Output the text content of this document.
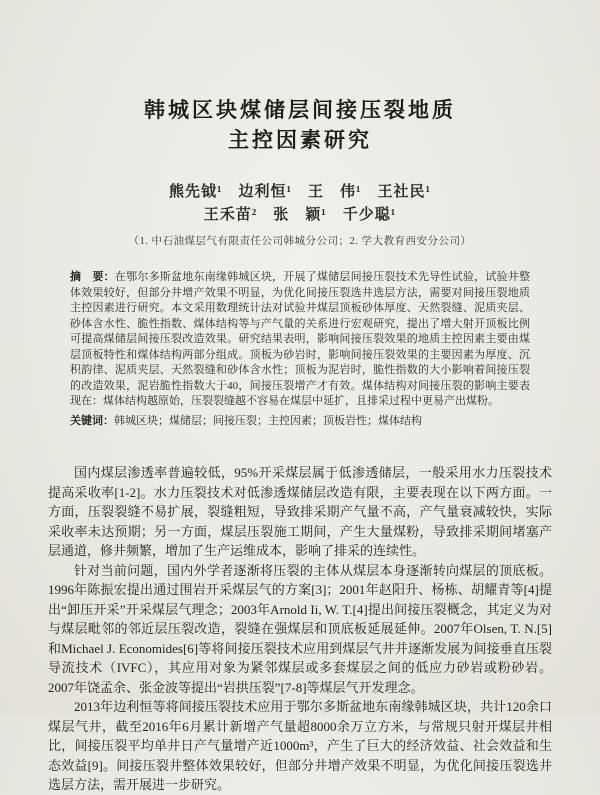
韩城区块煤储层间接压裂地质
主控因素研究
熊先钺¹　边利恒¹　王　伟¹　王社民¹
王禾苗²　张　颖¹　千少聪¹
（1. 中石油煤层气有限责任公司韩城分公司；2. 学大教育西安分公司）
摘　要：在鄂尔多斯盆地东南缘韩城区块，开展了煤储层间接压裂技术先导性试验，试验井整体效果较好，但部分井增产效果不明显，为优化间接压裂选井选层方法，需要对间接压裂地质主控因素进行研究。本文采用数理统计法对试验井煤层顶板砂体厚度、天然裂缝、泥质夹层、砂体含水性、脆性指数、煤体结构等与产气量的关系进行宏观研究，提出了增大射开顶板比例可提高煤储层间接压裂改造效果。研究结果表明，影响间接压裂效果的地质主控因素主要由煤层顶板特性和煤体结构两部分组成。顶板为砂岩时，影响间接压裂效果的主要因素为厚度、沉积韵律、泥质夹层、天然裂缝和砂体含水性；顶板为泥岩时，脆性指数的大小影响着间接压裂的改造效果，泥岩脆性指数大于40，间接压裂增产才有效。煤体结构对间接压裂的影响主要表现在：煤体结构越原始，压裂裂缝越不容易在煤层中延扩，且排采过程中更易产出煤粉。
关键词：韩城区块；煤储层；间接压裂；主控因素；顶板岩性；煤体结构

国内煤层渗透率普遍较低，95%开采煤层属于低渗透储层，一般采用水力压裂技术提高采收率[1-2]。水力压裂技术对低渗透煤储层改造有限，主要表现在以下两方面。一方面，压裂裂缝不易扩展，裂缝粗短，导致排采期产气量不高，产气量衰减较快，实际采收率未达预期；另一方面，煤层压裂施工期间，产生大量煤粉，导致排采期间堵塞产层通道，修井频繁，增加了生产运维成本，影响了排采的连续性。

针对当前问题，国内外学者逐渐将压裂的主体从煤层本身逐渐转向煤层的顶底板。1996年陈振宏提出通过围岩开采煤层气的方案[3]；2001年赵阳升、杨栋、胡耀青等[4]提出“卸压开采”开采煤层气理念；2003年Arnold Ii, W. T.[4]提出间接压裂概念，其定义为对与煤层毗邻的邻近层压裂改造，裂缝在强煤层和顶底板延展延伸。2007年Olsen, T. N.[5]和Michael J. Economides[6]等将间接压裂技术应用到煤层气井并逐渐发展为间接垂直压裂导流技术（IVFC），其应用对象为紧邻煤层或多套煤层之间的低应力砂岩或粉砂岩。2007年饶孟余、张金波等提出“岩拱压裂”[7-8]等煤层气开发理念。

2013年边利恒等将间接压裂技术应用于鄂尔多斯盆地东南缘韩城区块，共计120余口煤层气井，截至2016年6月累计新增产气量超8000余万立方米，与常规只射开煤层井相比，间接压裂平均单井日产气量增产近1000m³，产生了巨大的经济效益、社会效益和生态效益[9]。间接压裂井整体效果较好，但部分井增产效果不明显，为优化间接压裂选井选层方法，需开展进一步研究。
